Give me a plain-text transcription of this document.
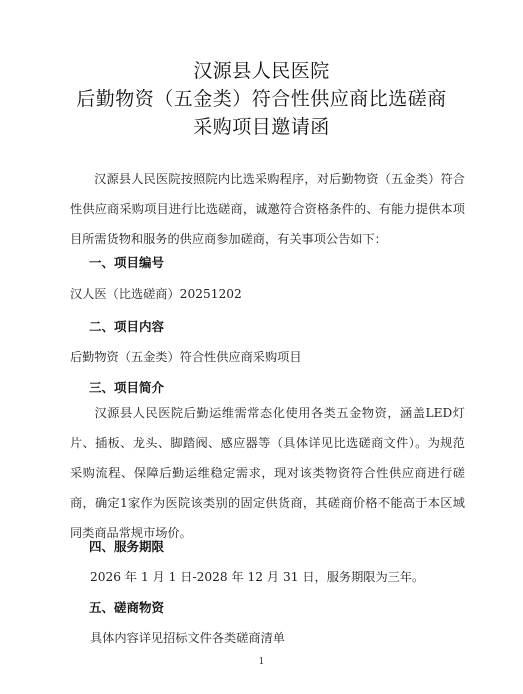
汉源县人民医院
后勤物资（五金类）符合性供应商比选磋商
采购项目邀请函
汉源县人民医院按照院内比选采购程序，对后勤物资（五金类）符合性供应商采购项目进行比选磋商，诚邀符合资格条件的、有能力提供本项目所需货物和服务的供应商参加磋商，有关事项公告如下：
一、项目编号
汉人医（比选磋商）20251202
二、项目内容
后勤物资（五金类）符合性供应商采购项目
三、项目简介
汉源县人民医院后勤运维需常态化使用各类五金物资，涵盖LED灯片、插板、龙头、脚踏阀、感应器等（具体详见比选磋商文件）。为规范采购流程、保障后勤运维稳定需求，现对该类物资符合性供应商进行磋商，确定1家作为医院该类别的固定供货商，其磋商价格不能高于本区域同类商品常规市场价。
四、服务期限
2026 年 1 月 1 日-2028 年 12 月 31 日，服务期限为三年。
五、磋商物资
具体内容详见招标文件各类磋商清单
1
